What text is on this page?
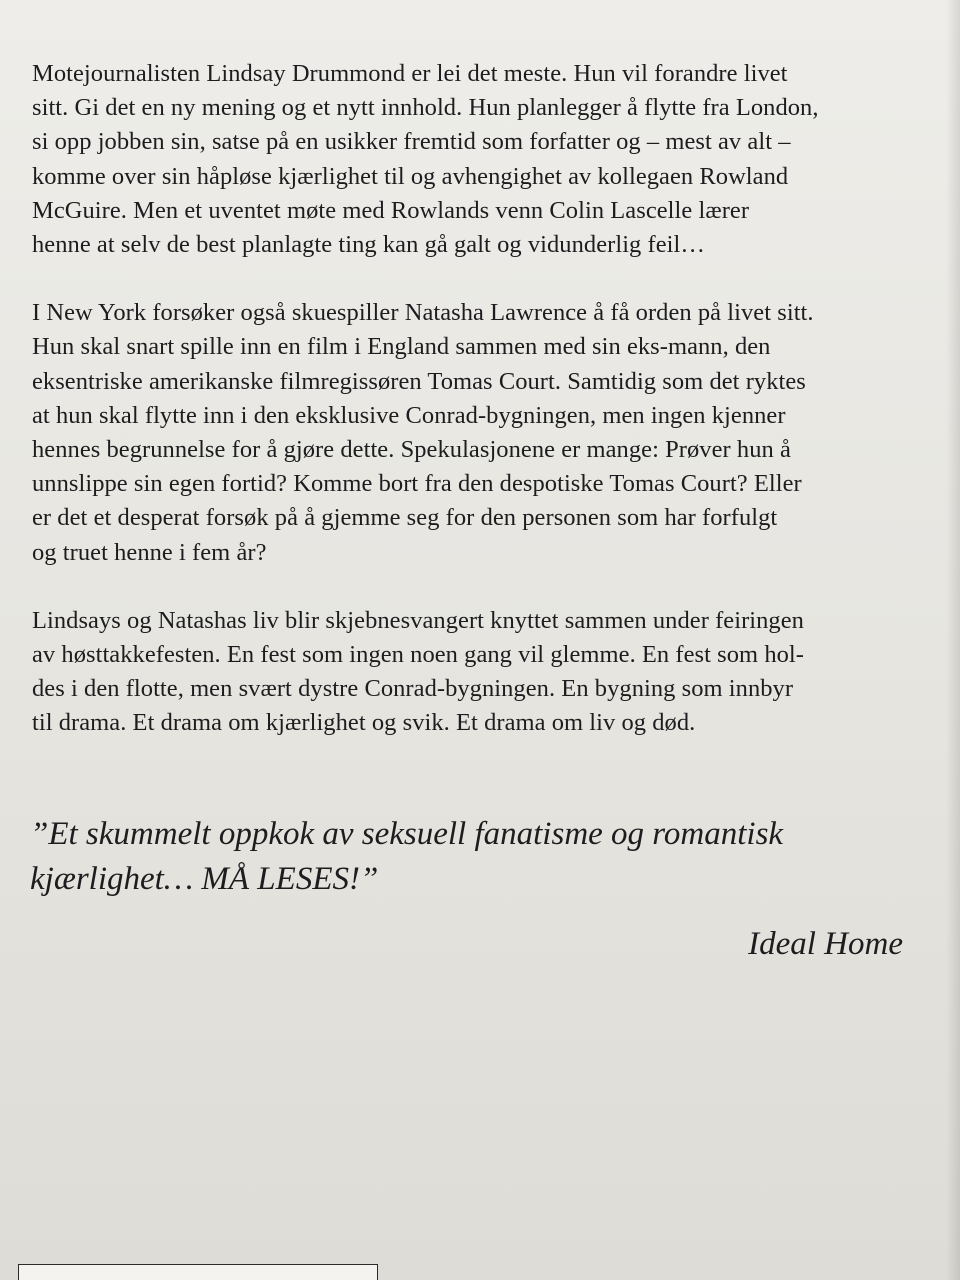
Motejournalisten Lindsay Drummond er lei det meste. Hun vil forandre livet
sitt. Gi det en ny mening og et nytt innhold. Hun planlegger å flytte fra London,
si opp jobben sin, satse på en usikker fremtid som forfatter og – mest av alt –
komme over sin håpløse kjærlighet til og avhengighet av kollegaen Rowland
McGuire. Men et uventet møte med Rowlands venn Colin Lascelle lærer
henne at selv de best planlagte ting kan gå galt og vidunderlig feil…

I New York forsøker også skuespiller Natasha Lawrence å få orden på livet sitt.
Hun skal snart spille inn en film i England sammen med sin eks-mann, den
eksentriske amerikanske filmregissøren Tomas Court. Samtidig som det ryktes
at hun skal flytte inn i den eksklusive Conrad-bygningen, men ingen kjenner
hennes begrunnelse for å gjøre dette. Spekulasjonene er mange: Prøver hun å
unnslippe sin egen fortid? Komme bort fra den despotiske Tomas Court? Eller
er det et desperat forsøk på å gjemme seg for den personen som har forfulgt
og truet henne i fem år?

Lindsays og Natashas liv blir skjebnesvangert knyttet sammen under feiringen
av høsttakkefesten. En fest som ingen noen gang vil glemme. En fest som hol-
des i den flotte, men svært dystre Conrad-bygningen. En bygning som innbyr
til drama. Et drama om kjærlighet og svik. Et drama om liv og død.

”Et skummelt oppkok av seksuell fanatisme og romantisk
kjærlighet… MÅ LESES!”
Ideal Home
